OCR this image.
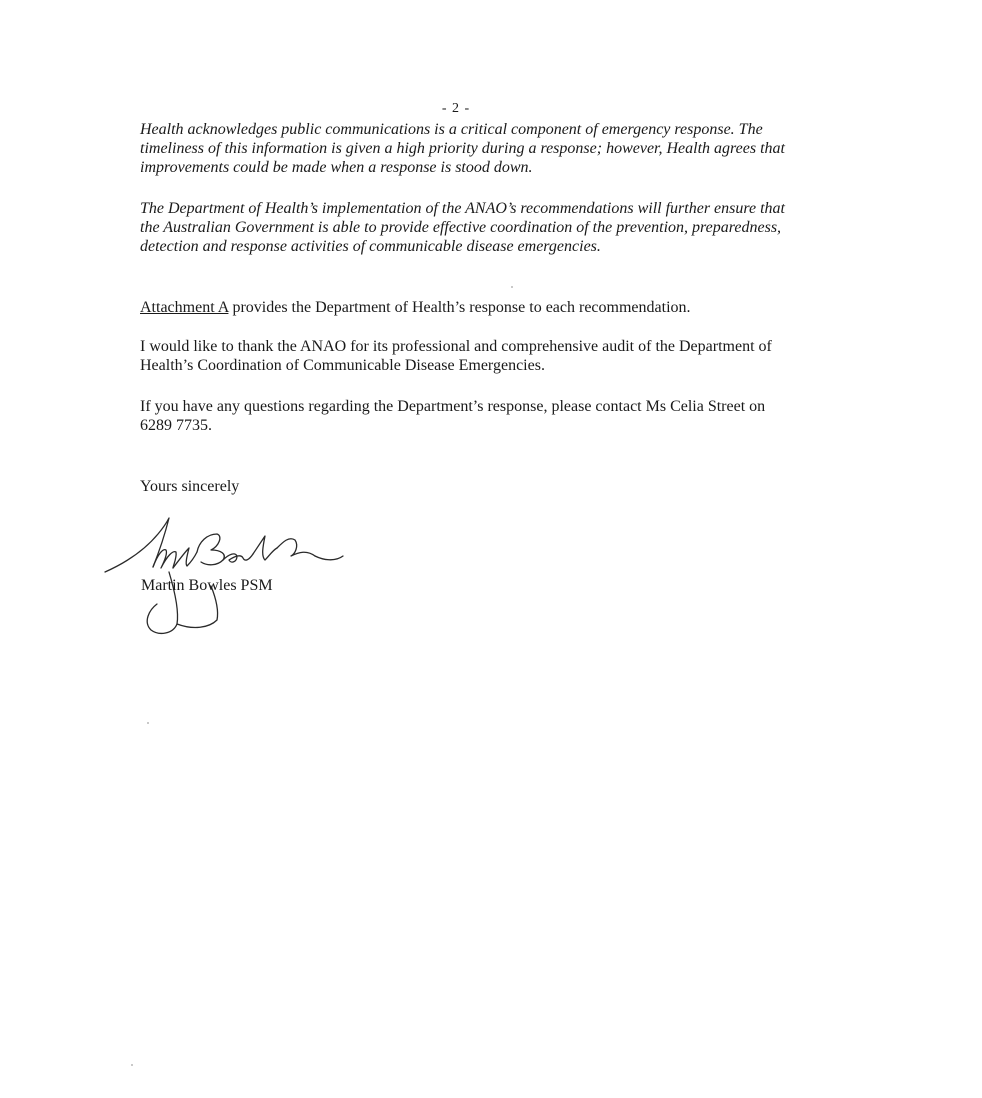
- 2 -

Health acknowledges public communications is a critical component of emergency response. The timeliness of this information is given a high priority during a response; however, Health agrees that improvements could be made when a response is stood down.

The Department of Health’s implementation of the ANAO’s recommendations will further ensure that the Australian Government is able to provide effective coordination of the prevention, preparedness, detection and response activities of communicable disease emergencies.

Attachment A provides the Department of Health’s response to each recommendation.

I would like to thank the ANAO for its professional and comprehensive audit of the Department of Health’s Coordination of Communicable Disease Emergencies.

If you have any questions regarding the Department’s response, please contact Ms Celia Street on 6289 7735.

Yours sincerely

Martin Bowles PSM
